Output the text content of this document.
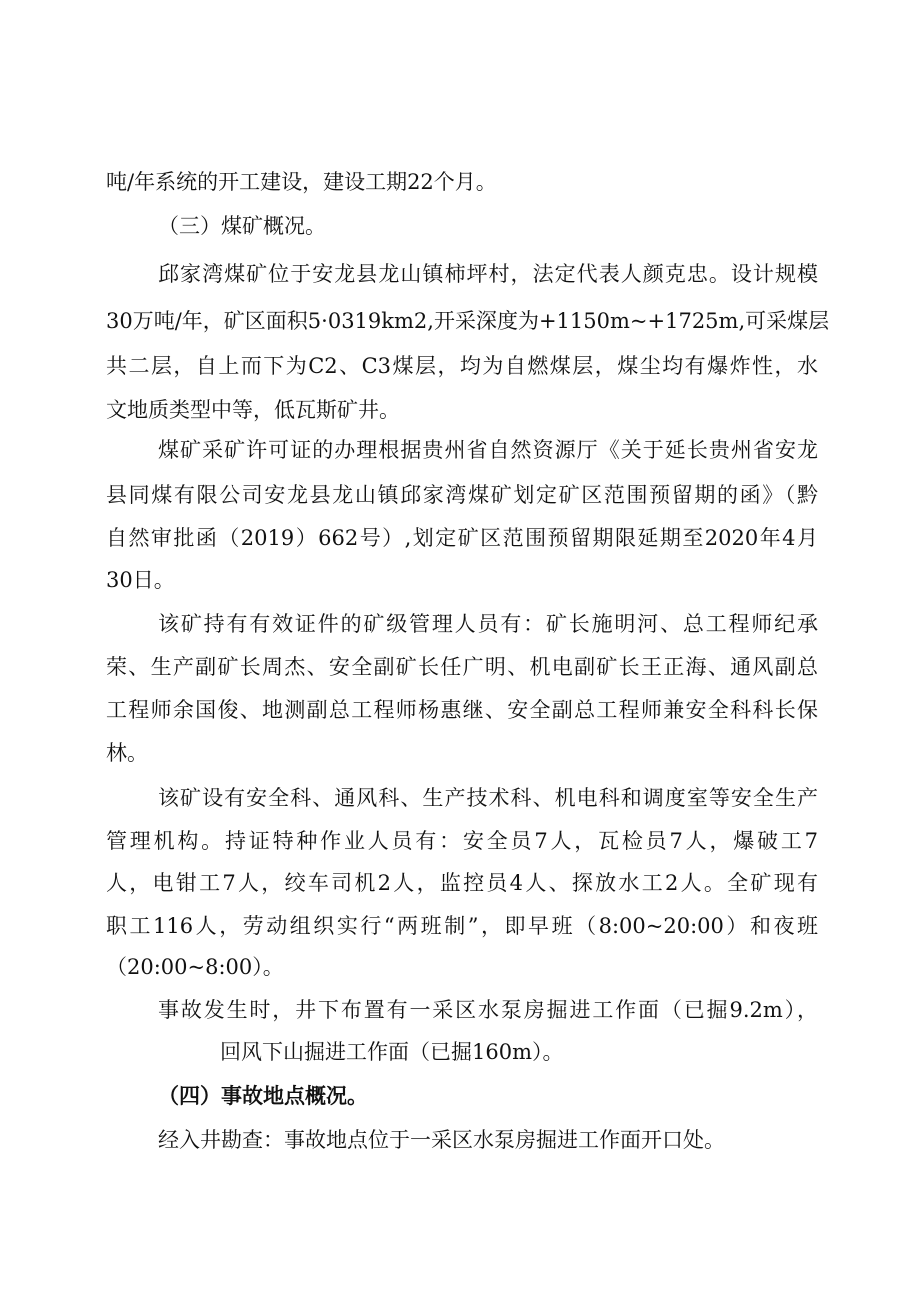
吨/年系统的开工建设，建设工期22个月。
（三）煤矿概况。
邱家湾煤矿位于安龙县龙山镇柿坪村，法定代表人颜克忠。设计规模
30万吨/年，矿区面积5·0319km2,开采深度为+1150m~+1725m,可采煤层
共二层，自上而下为C2、C3煤层，均为自燃煤层，煤尘均有爆炸性，水
文地质类型中等，低瓦斯矿井。
煤矿采矿许可证的办理根据贵州省自然资源厅《关于延长贵州省安龙
县同煤有限公司安龙县龙山镇邱家湾煤矿划定矿区范围预留期的函》（黔
自然审批函（2019）662号）,划定矿区范围预留期限延期至2020年4月
30日。
该矿持有有效证件的矿级管理人员有：矿长施明河、总工程师纪承
荣、生产副矿长周杰、安全副矿长任广明、机电副矿长王正海、通风副总
工程师余国俊、地测副总工程师杨惠继、安全副总工程师兼安全科科长保
林。
该矿设有安全科、通风科、生产技术科、机电科和调度室等安全生产
管理机构。持证特种作业人员有：安全员7人，瓦检员7人，爆破工7
人，电钳工7人，绞车司机2人，监控员4人、探放水工2人。全矿现有
职工116人，劳动组织实行“两班制”，即早班（8:00~20:00）和夜班
（20:00~8:00）。
事故发生时，井下布置有一采区水泵房掘进工作面（已掘9.2m），
回风下山掘进工作面（已掘160m）。
（四）事故地点概况。
经入井勘查：事故地点位于一采区水泵房掘进工作面开口处。
